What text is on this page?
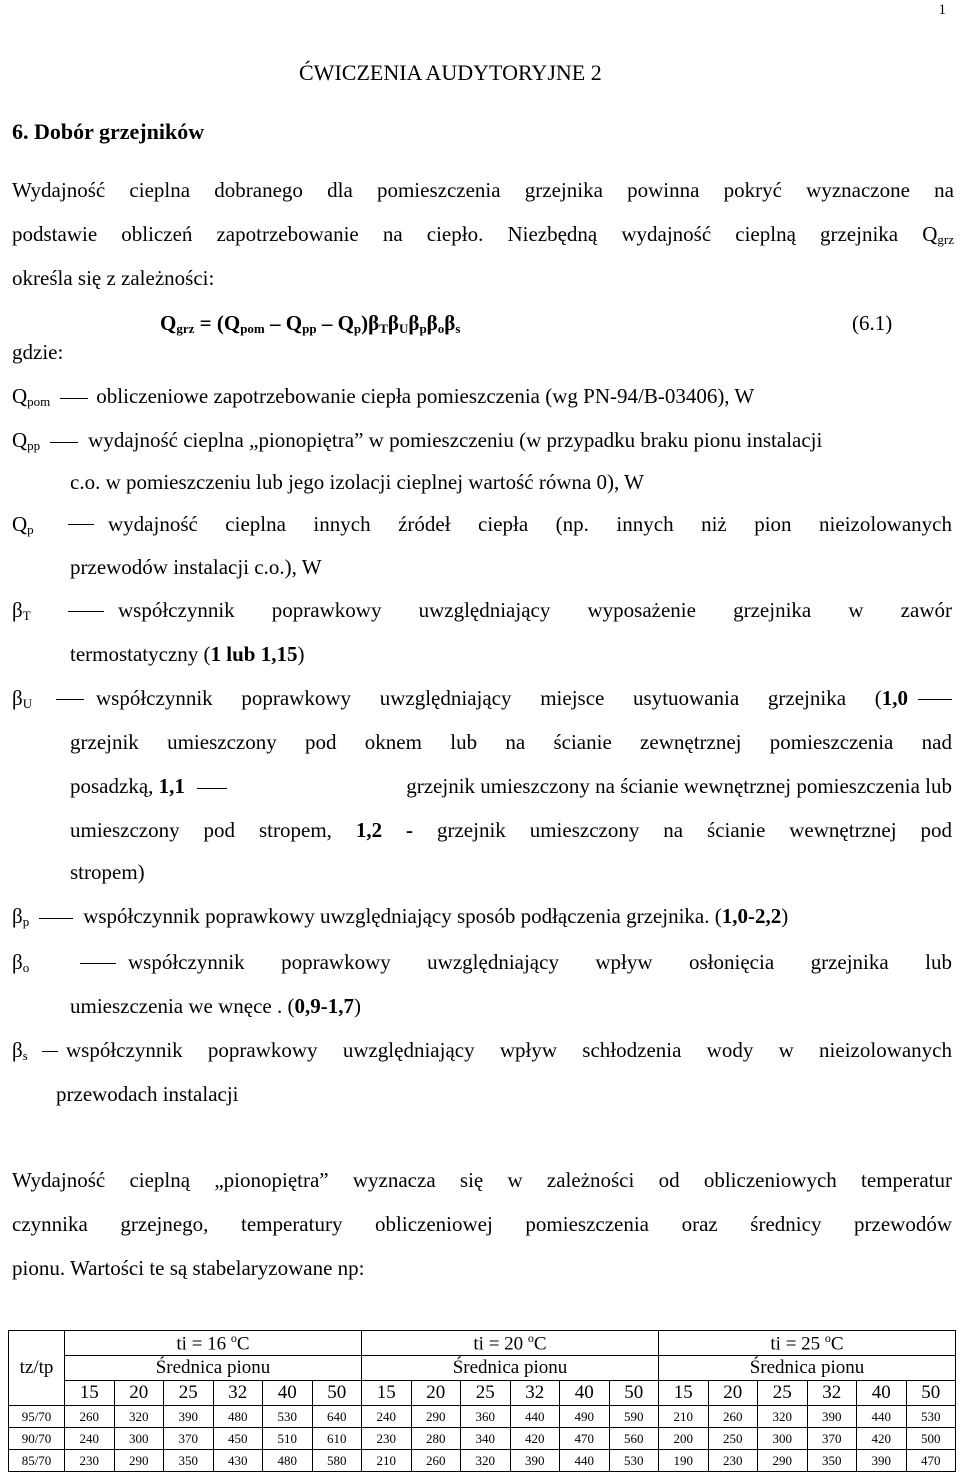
1
ĆWICZENIA AUDYTORYJNE 2
6. Dobór grzejników
Wydajność cieplna dobranego dla pomieszczenia grzejnika powinna pokryć wyznaczone na
podstawie obliczeń zapotrzebowanie na ciepło. Niezbędną wydajność cieplną grzejnika $Q_{grz}$
określa się z zależności:
$Q_{grz} = (Q_{pom} - Q_{pp} - Q_p)\beta_T\beta_U\beta_p\beta_o\beta_s$	(6.1)
gdzie:
$Q_{pom}$ obliczeniowe zapotrzebowanie ciepła pomieszczenia (wg PN-94/B-03406), W
$Q_{pp}$ wydajność cieplna „pionopiętra” w pomieszczeniu (w przypadku braku pionu instalacji
c.o. w pomieszczeniu lub jego izolacji cieplnej wartość równa 0), W
$Q_p$	wydajność cieplna innych źródeł ciepła (np. innych niż pion nieizolowanych
przewodów instalacji c.o.), W
$\beta_T$	współczynnik poprawkowy uwzględniający wyposażenie grzejnika w zawór
termostatyczny (1 lub 1,15)
$\beta_U$	współczynnik poprawkowy uwzględniający miejsce usytuowania grzejnika (1,0
grzejnik umieszczony pod oknem lub na ścianie zewnętrznej pomieszczenia nad
posadzką, 1,1	grzejnik umieszczony na ścianie wewnętrznej pomieszczenia lub
umieszczony pod stropem, 1,2 - grzejnik umieszczony na ścianie wewnętrznej pod
stropem)
$\beta_p$	współczynnik poprawkowy uwzględniający sposób podłączenia grzejnika. (1,0-2,2)
$\beta_o$	współczynnik poprawkowy uwzględniający wpływ osłonięcia grzejnika lub
umieszczenia we wnęce . (0,9-1,7)
$\beta_s$ współczynnik poprawkowy uwzględniający wpływ schłodzenia wody w nieizolowanych
przewodach instalacji
Wydajność cieplną „pionopiętra” wyznacza się w zależności od obliczeniowych temperatur
czynnika grzejnego, temperatury obliczeniowej pomieszczenia oraz średnicy przewodów
pionu. Wartości te są stabelaryzowane np:
tz/tp	ti = 16 $^o$C						ti = 20 $^o$C						ti = 25 $^o$C					
	Średnica pionu						Średnica pionu						Średnica pionu					
	15	20	25	32	40	50	15	20	25	32	40	50	15	20	25	32	40	50
95/70	260	320	390	480	530	640	240	290	360	440	490	590	210	260	320	390	440	530
90/70	240	300	370	450	510	610	230	280	340	420	470	560	200	250	300	370	420	500
85/70	230	290	350	430	480	580	210	260	320	390	440	530	190	230	290	350	390	470
